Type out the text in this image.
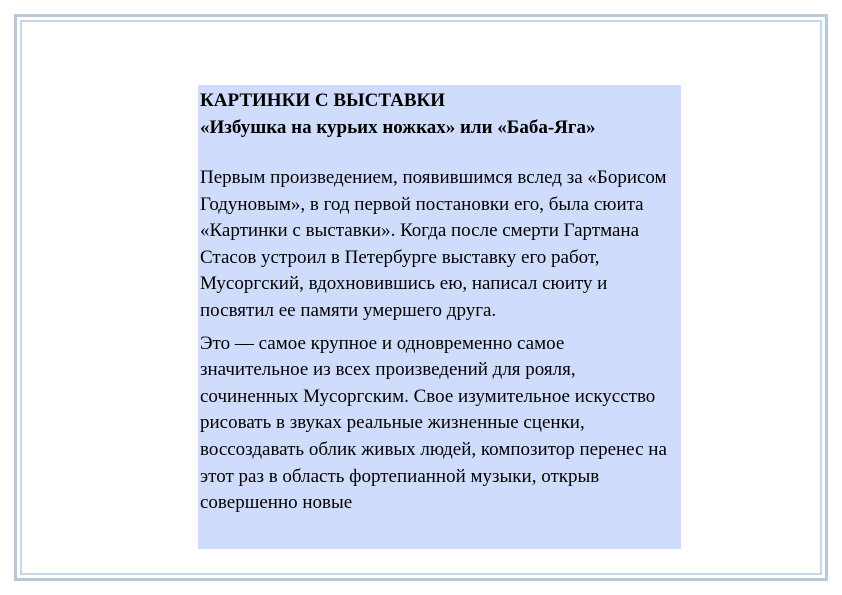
КАРТИНКИ С ВЫСТАВКИ

«Избушка на курьих ножках» или «Баба-Яга»

Первым произведением, появившимся вслед за «Борисом Годуновым», в год первой постановки его, была сюита «Картинки с выставки». Когда после смерти Гартмана Стасов устроил в Петербурге выставку его работ, Мусоргский, вдохновившись ею, написал сюиту и посвятил ее памяти умершего друга.

Это — самое крупное и одновременно самое значительное из всех произведений для рояля, сочиненных Мусоргским. Свое изумительное искусство рисовать в звуках реальные жизненные сценки, воссоздавать облик живых людей, композитор перенес на этот раз в область фортепианной музыки, открыв совершенно новые
